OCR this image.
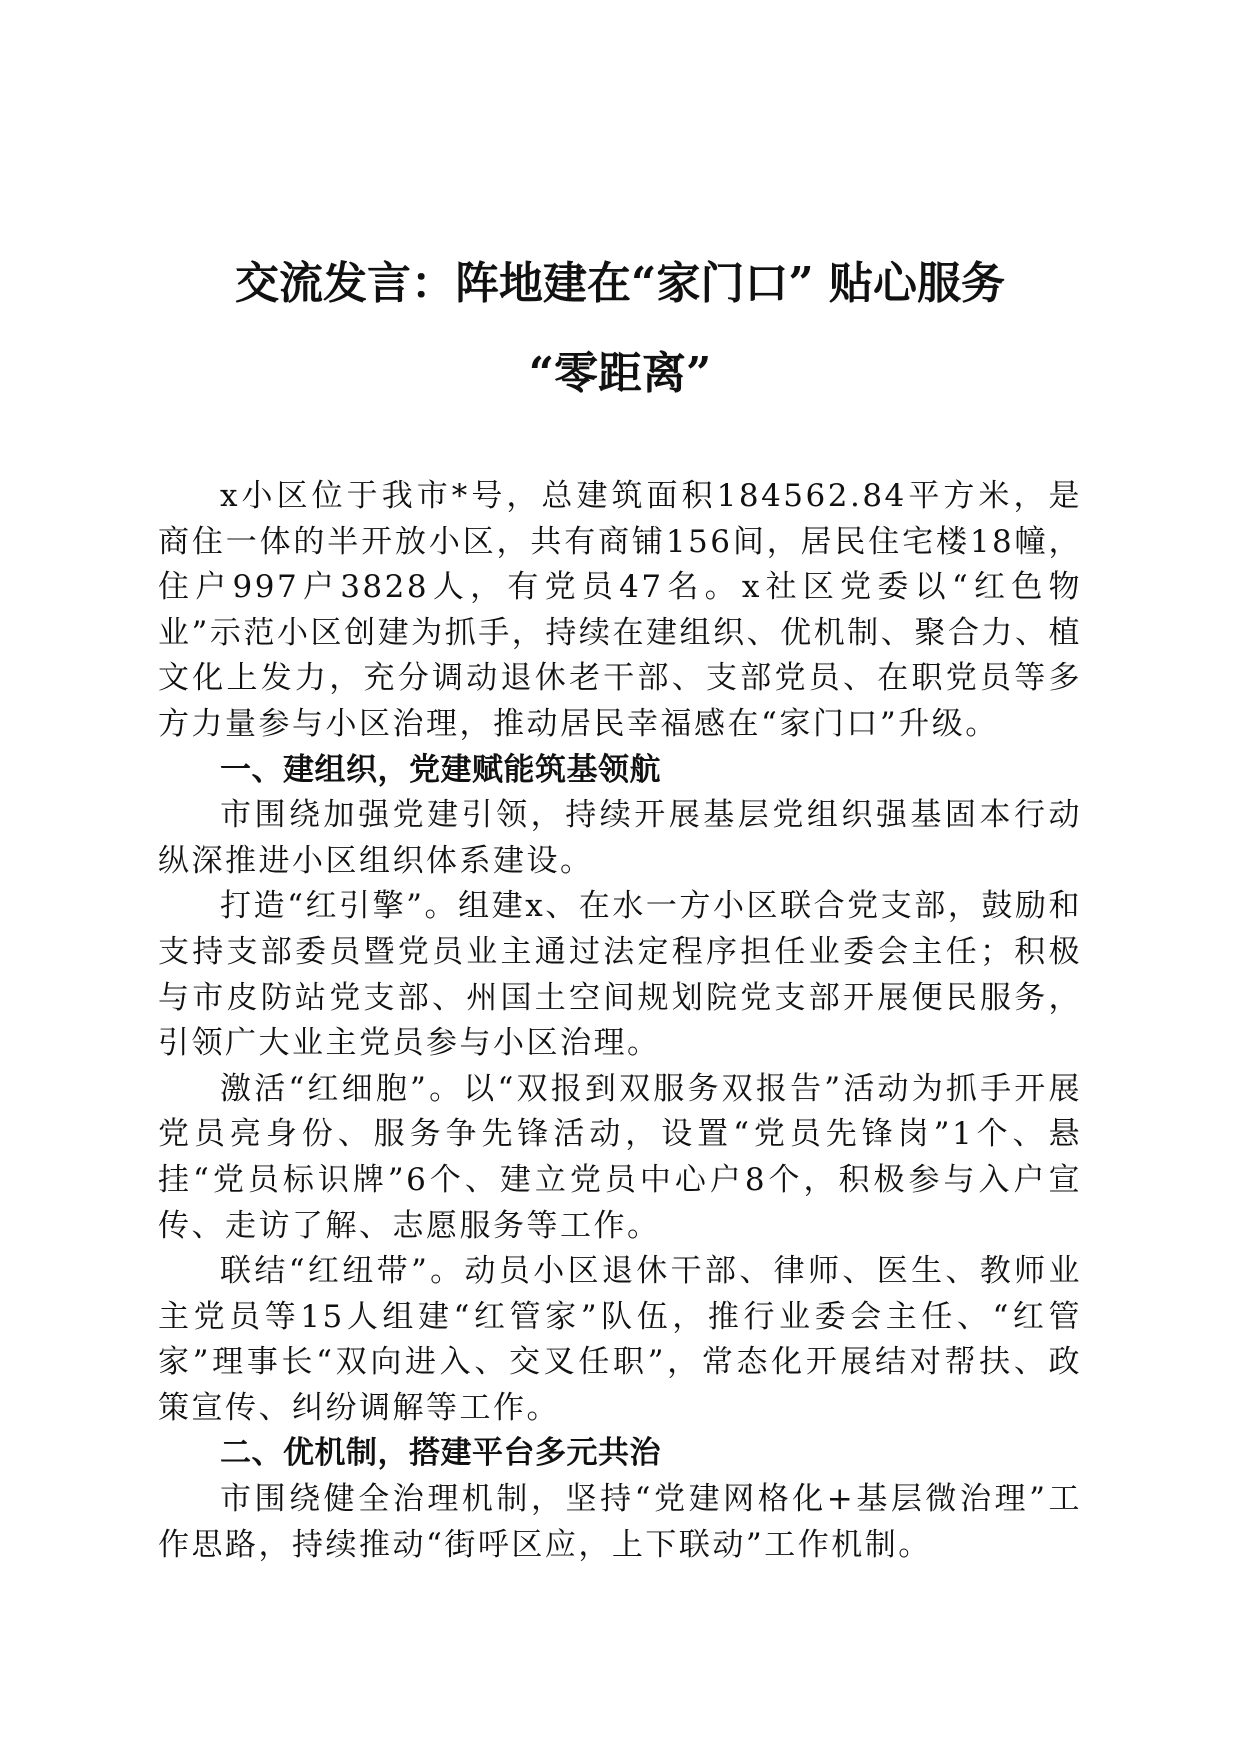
交流发言：阵地建在“家门口” 贴心服务
“零距离”

x小区位于我市*号，总建筑面积184562.84平方米，是商住一体的半开放小区，共有商铺156间，居民住宅楼18幢，住户997户3828人，有党员47名。x社区党委以“红色物业”示范小区创建为抓手，持续在建组织、优机制、聚合力、植文化上发力，充分调动退休老干部、支部党员、在职党员等多方力量参与小区治理，推动居民幸福感在“家门口”升级。

一、建组织，党建赋能筑基领航

市围绕加强党建引领，持续开展基层党组织强基固本行动纵深推进小区组织体系建设。

打造“红引擎”。组建x、在水一方小区联合党支部，鼓励和支持支部委员暨党员业主通过法定程序担任业委会主任；积极与市皮防站党支部、州国土空间规划院党支部开展便民服务，引领广大业主党员参与小区治理。

激活“红细胞”。以“双报到双服务双报告”活动为抓手开展党员亮身份、服务争先锋活动，设置“党员先锋岗”1个、悬挂“党员标识牌”6个、建立党员中心户8个，积极参与入户宣传、走访了解、志愿服务等工作。

联结“红纽带”。动员小区退休干部、律师、医生、教师业主党员等15人组建“红管家”队伍，推行业委会主任、“红管家”理事长“双向进入、交叉任职”，常态化开展结对帮扶、政策宣传、纠纷调解等工作。

二、优机制，搭建平台多元共治

市围绕健全治理机制，坚持“党建网格化+基层微治理”工作思路，持续推动“街呼区应，上下联动”工作机制。
